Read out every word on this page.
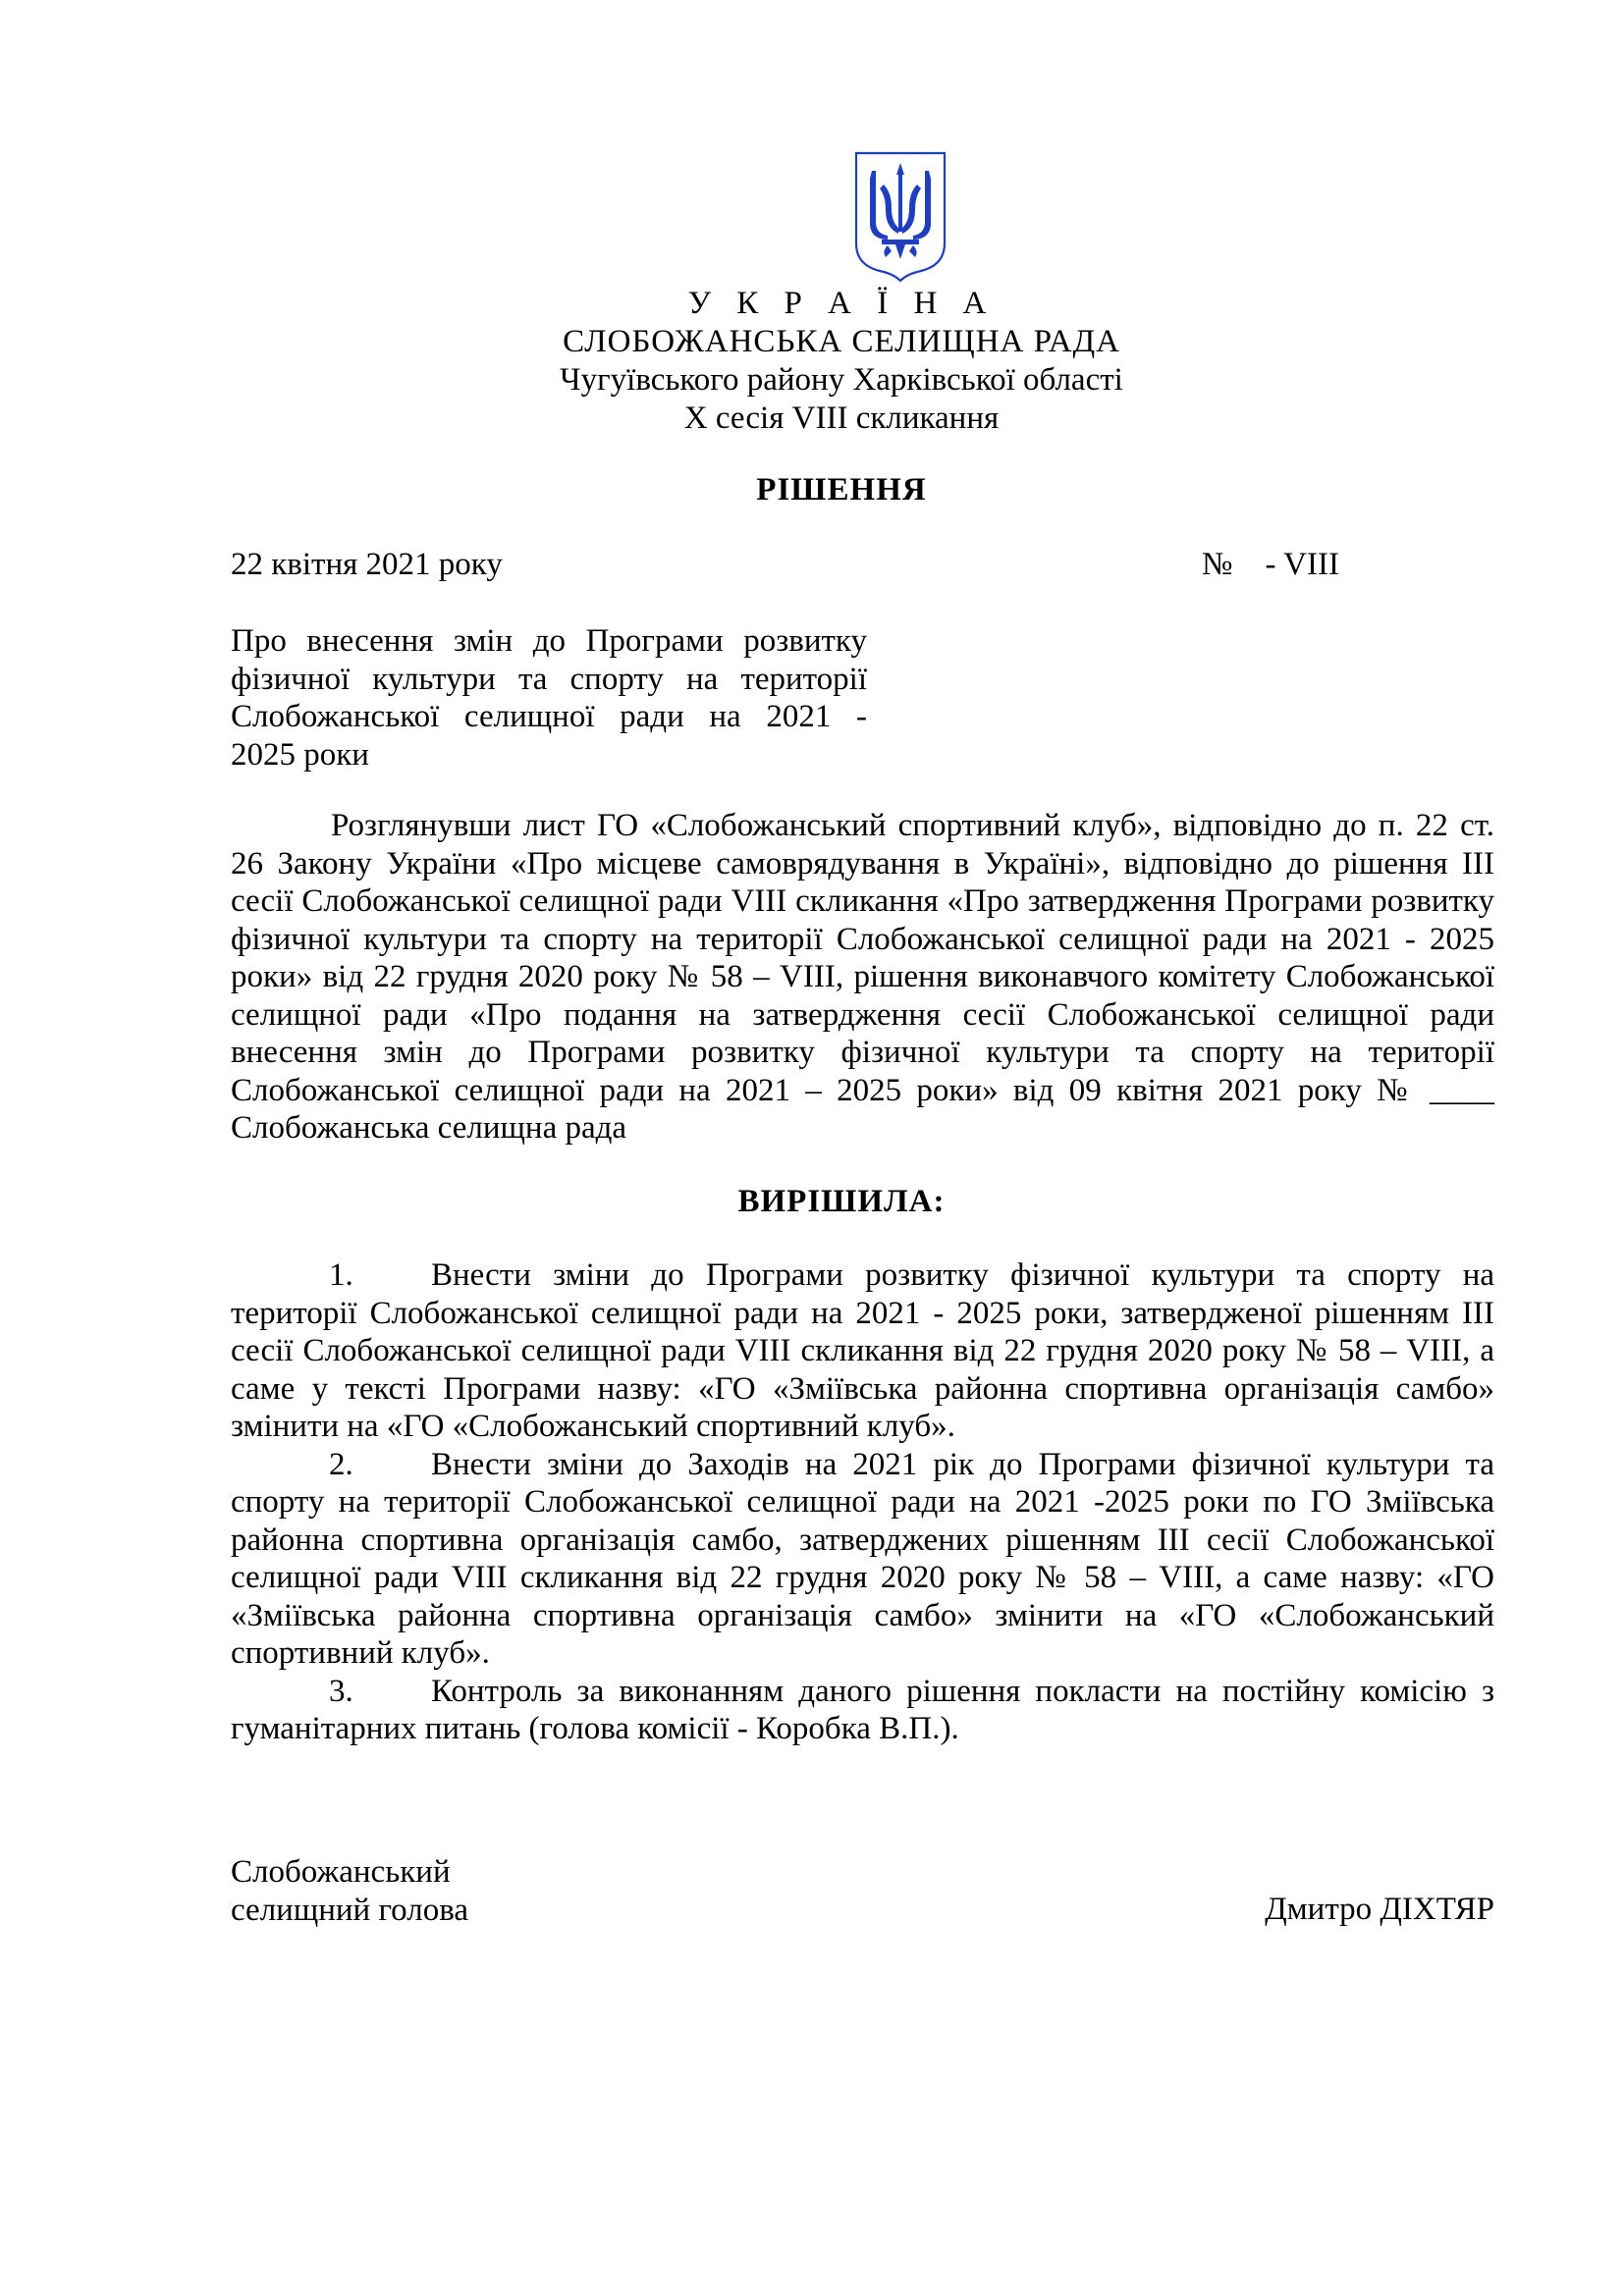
У К Р А Ї Н А
СЛОБОЖАНСЬКА СЕЛИЩНА РАДА
Чугуївського району Харківської області
X сесія VIII скликання
РІШЕННЯ
22 квітня 2021 року	№    - VIII
Про внесення змін до Програми розвитку фізичної культури та спорту на території Слобожанської селищної ради на 2021 -
2025 роки
Розглянувши лист ГО «Слобожанський спортивний клуб», відповідно до п. 22 ст. 26 Закону України «Про місцеве самоврядування в Україні», відповідно до рішення ІІІ сесії Слобожанської селищної ради VIII скликання «Про затвердження Програми розвитку фізичної культури та спорту на території Слобожанської селищної ради на 2021 - 2025 роки» від 22 грудня 2020 року № 58 – VIII, рішення виконавчого комітету Слобожанської селищної ради «Про подання на затвердження сесії Слобожанської селищної ради внесення змін до Програми розвитку фізичної культури та спорту на території Слобожанської селищної ради на 2021 – 2025 роки» від 09 квітня 2021 року № ____ Слобожанська селищна рада
ВИРІШИЛА:

1. Внести зміни до Програми розвитку фізичної культури та спорту на території Слобожанської селищної ради на 2021 - 2025 роки, затвердженої рішенням ІІІ сесії Слобожанської селищної ради VIII скликання від 22 грудня 2020 року № 58 – VIII, а саме у тексті Програми назву: «ГО «Зміївська районна спортивна організація самбо» змінити на «ГО «Слобожанський спортивний клуб».

2. Внести зміни до Заходів на 2021 рік до Програми фізичної культури та спорту на території Слобожанської селищної ради на 2021 -2025 роки по ГО Зміївська районна спортивна організація самбо, затверджених рішенням ІІІ сесії Слобожанської селищної ради VIII скликання від 22 грудня 2020 року № 58 – VIII, а саме назву: «ГО «Зміївська районна спортивна організація самбо» змінити на «ГО «Слобожанський спортивний клуб».

3. Контроль за виконанням даного рішення покласти на постійну комісію з гуманітарних питань (голова комісії - Коробка В.П.).

Слобожанський
селищний голова	Дмитро ДІХТЯР
